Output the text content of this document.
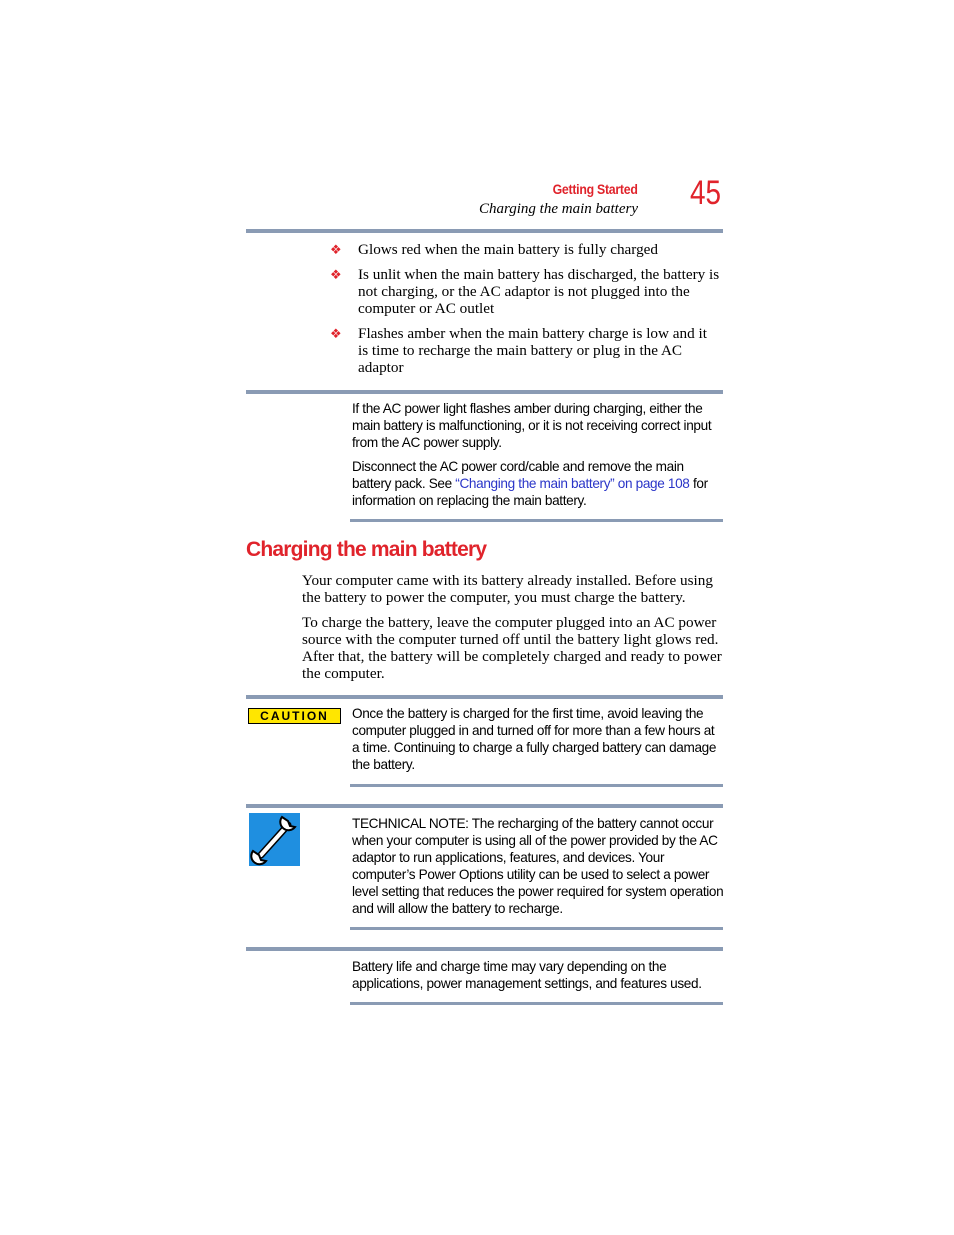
Getting Started
Charging the main battery 45
❖ Glows red when the main battery is fully charged
❖ Is unlit when the main battery has discharged, the battery is not charging, or the AC adaptor is not plugged into the computer or AC outlet
❖ Flashes amber when the main battery charge is low and it is time to recharge the main battery or plug in the AC adaptor

If the AC power light flashes amber during charging, either the main battery is malfunctioning, or it is not receiving correct input from the AC power supply.

Disconnect the AC power cord/cable and remove the main battery pack. See “Changing the main battery” on page 108 for information on replacing the main battery.

Charging the main battery

Your computer came with its battery already installed. Before using the battery to power the computer, you must charge the battery.

To charge the battery, leave the computer plugged into an AC power source with the computer turned off until the battery light glows red. After that, the battery will be completely charged and ready to power the computer.

CAUTION	Once the battery is charged for the first time, avoid leaving the computer plugged in and turned off for more than a few hours at a time. Continuing to charge a fully charged battery can damage the battery.

TECHNICAL NOTE: The recharging of the battery cannot occur when your computer is using all of the power provided by the AC adaptor to run applications, features, and devices. Your computer’s Power Options utility can be used to select a power level setting that reduces the power required for system operation and will allow the battery to recharge.

Battery life and charge time may vary depending on the applications, power management settings, and features used.
